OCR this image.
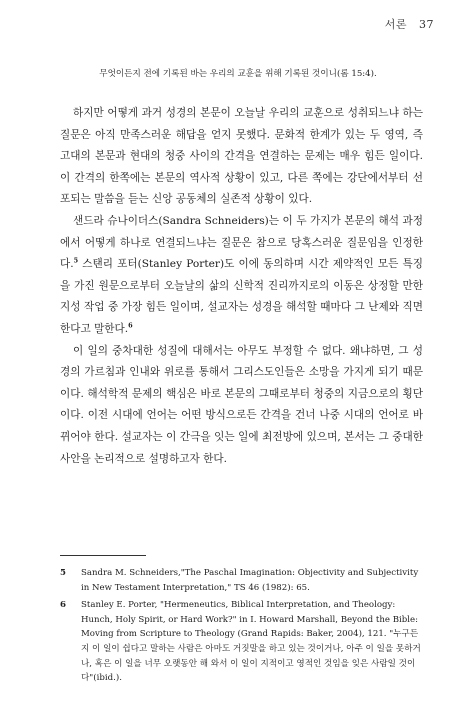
서론 37
무엇이든지 전에 기록된 바는 우리의 교훈을 위해 기록된 것이니(롬 15:4).

하지만 어떻게 과거 성경의 본문이 오늘날 우리의 교훈으로 성취되느냐 하는 질문은 아직 만족스러운 해답을 얻지 못했다. 문화적 한계가 있는 두 영역, 즉 고대의 본문과 현대의 청중 사이의 간격을 연결하는 문제는 매우 힘든 일이다. 이 간격의 한쪽에는 본문의 역사적 상황이 있고, 다른 쪽에는 강단에서부터 선포되는 말씀을 듣는 신앙 공동체의 실존적 상황이 있다.

샌드라 슈나이더스(Sandra Schneiders)는 이 두 가지가 본문의 해석 과정에서 어떻게 하나로 연결되느냐는 질문은 참으로 당혹스러운 질문임을 인정한다.$^5$ 스탠리 포터(Stanley Porter)도 이에 동의하며 시간 제약적인 모든 특징을 가진 원문으로부터 오늘날의 삶의 신학적 진리까지로의 이동은 상정할 만한 지성 작업 중 가장 힘든 일이며, 설교자는 성경을 해석할 때마다 그 난제와 직면한다고 말한다.$^6$

이 일의 중차대한 성질에 대해서는 아무도 부정할 수 없다. 왜냐하면, 그 성경의 가르침과 인내와 위로를 통해서 그리스도인들은 소망을 가지게 되기 때문이다. 해석학적 문제의 핵심은 바로 본문의 그때로부터 청중의 지금으로의 횡단이다. 이전 시대에 언어는 어떤 방식으로든 간격을 건너 나중 시대의 언어로 바뀌어야 한다. 설교자는 이 간극을 잇는 일에 최전방에 있으며, 본서는 그 중대한 사안을 논리적으로 설명하고자 한다.

5	Sandra M. Schneiders,"The Paschal Imagination: Objectivity and Subjectivity in New Testament Interpretation," TS 46 (1982): 65.
6	Stanley E. Porter, "Hermeneutics, Biblical Interpretation, and Theology: Hunch, Holy Spirit, or Hard Work?" in I. Howard Marshall, Beyond the Bible: Moving from Scripture to Theology (Grand Rapids: Baker, 2004), 121. "누구든지 이 일이 쉽다고 말하는 사람은 아마도 거짓말을 하고 있는 것이거나, 아주 이 일을 못하거나, 혹은 이 일을 너무 오랫동안 해 와서 이 일이 지적이고 영적인 것임을 잊은 사람일 것이다"(ibid.).
